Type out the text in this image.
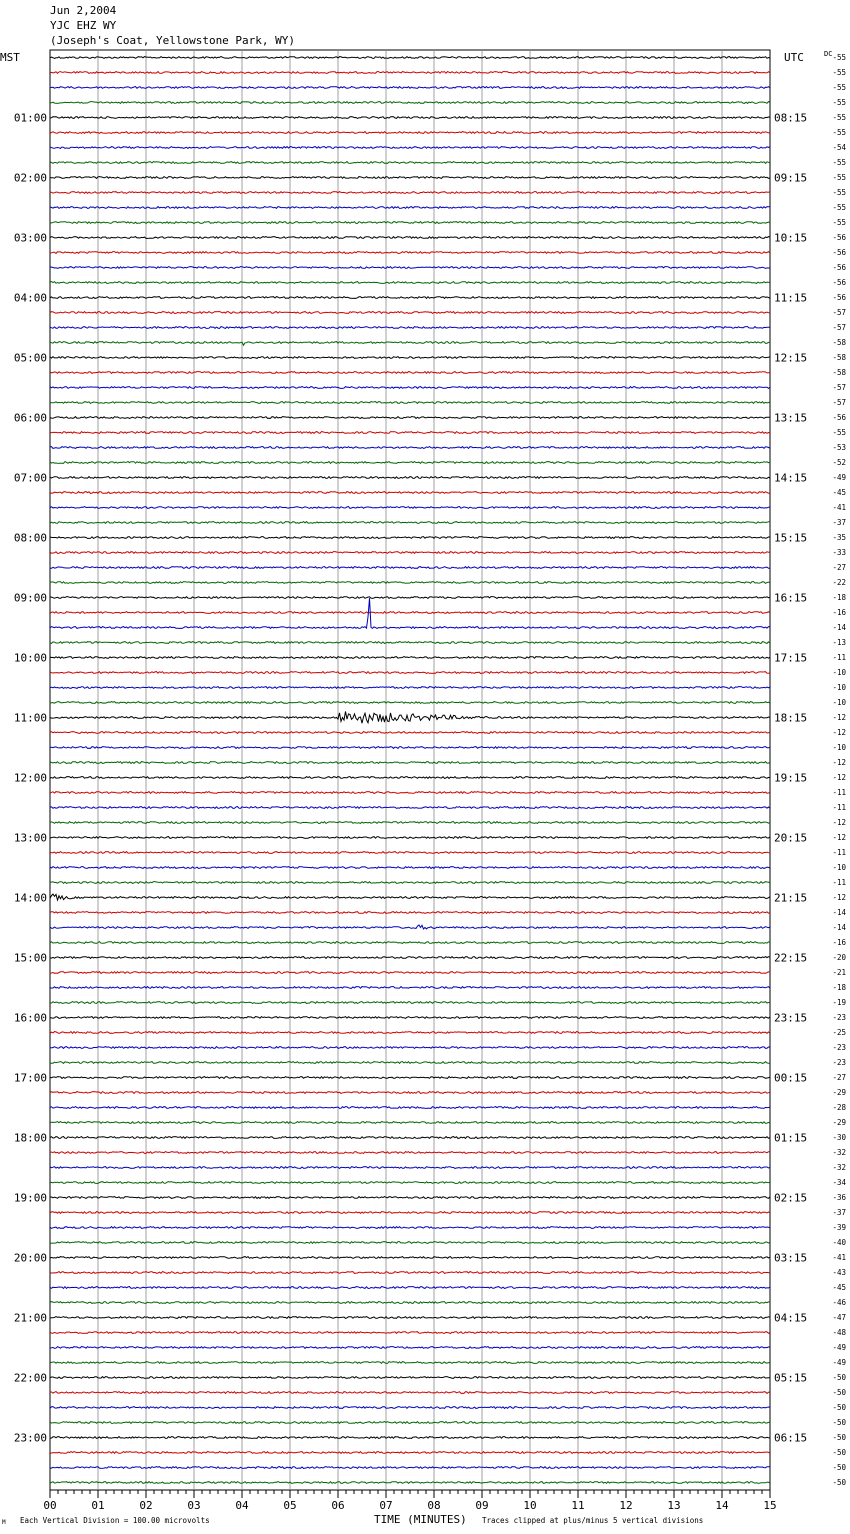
Jun 2,2004
YJC EHZ WY
(Joseph's Coat, Yellowstone Park, WY)
-55
-55
-55
-55
-55
-55
-54
-55
-55
-55
-55
-55
-56
-56
-56
-56
-56
-57
-57
-58
-58
-58
-57
-57
-56
-55
-53
-52
-49
-45
-41
-37
-35
-33
-27
-22
-18
-16
-14
-13
-11
-10
-10
-10
-12
-12
-10
-12
-12
-11
-11
-12
-12
-11
-10
-11
-12
-14
-14
-16
-20
-21
-18
-19
-23
-25
-23
-23
-27
-29
-28
-29
-30
-32
-32
-34
-36
-37
-39
-40
-41
-43
-45
-46
-47
-48
-49
-49
-50
-50
-50
-50
-50
-50
-50
-50
01:00
02:00
03:00
04:00
05:00
06:00
07:00
08:00
09:00
10:00
11:00
12:00
13:00
14:00
15:00
16:00
17:00
18:00
19:00
20:00
21:00
22:00
23:00
08:15
09:15
10:15
11:15
12:15
13:15
14:15
15:15
16:15
17:15
18:15
19:15
20:15
21:15
22:15
23:15
00:15
01:15
02:15
03:15
04:15
05:15
06:15
MST	UTC	DC
00	01	02	03	04	05	06	07	08	09	10	11	12	13	14	15
M Each Vertical Division = 100.00 microvolts	TIME (MINUTES) Traces clipped at plus/minus 5 vertical divisions
